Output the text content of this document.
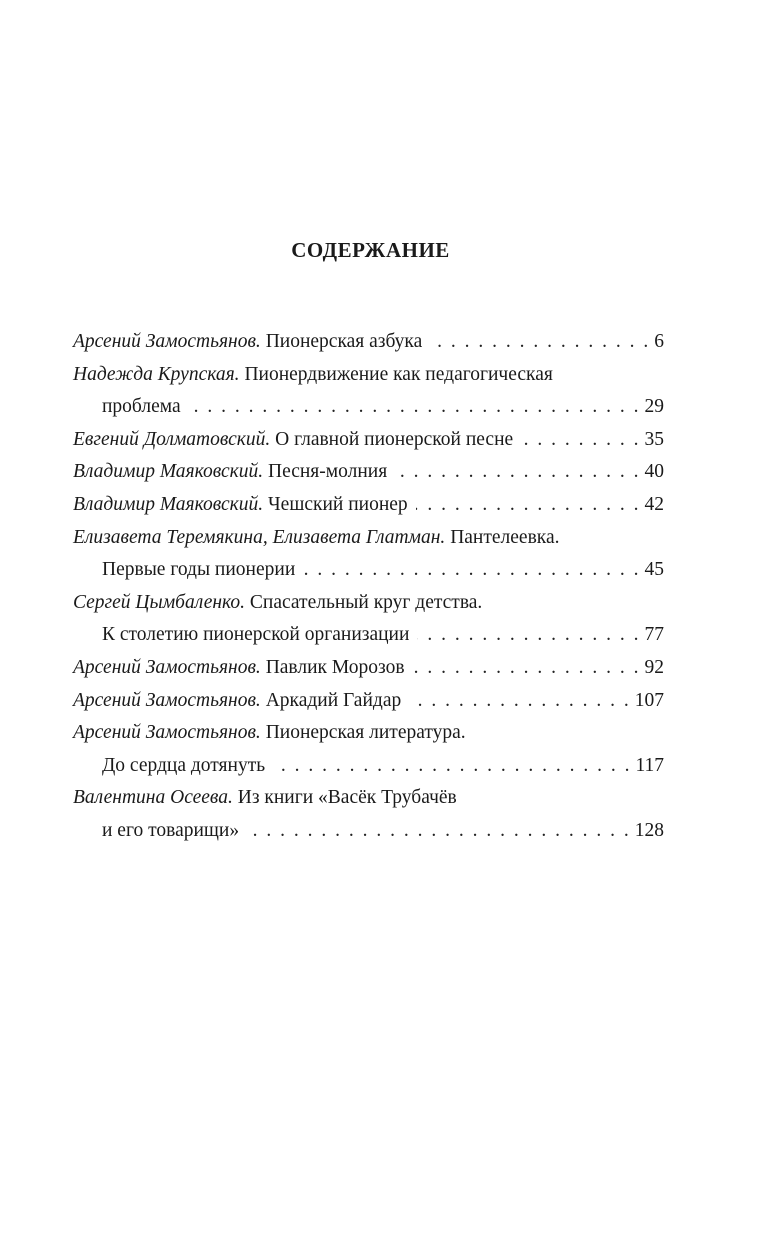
СОДЕРЖАНИЕ
Арсений Замостьянов. Пионерская азбука . . .	6
Надежда Крупская. Пионердвижение как педагогическая
проблема . . .	29
Евгений Долматовский. О главной пионерской песне . . .	35
Владимир Маяковский. Песня-молния . . .	40
Владимир Маяковский. Чешский пионер . . .	42
Елизавета Теремякина, Елизавета Глатман. Пантелеевка.
Первые годы пионерии . . .	45
Сергей Цымбаленко. Спасательный круг детства.
К столетию пионерской организации . . .	77
Арсений Замостьянов. Павлик Морозов . . .	92
Арсений Замостьянов. Аркадий Гайдар . . .	107
Арсений Замостьянов. Пионерская литература.
До сердца дотянуть . . .	117
Валентина Осеева. Из книги «Васёк Трубачёв
и его товарищи» . . .	128
